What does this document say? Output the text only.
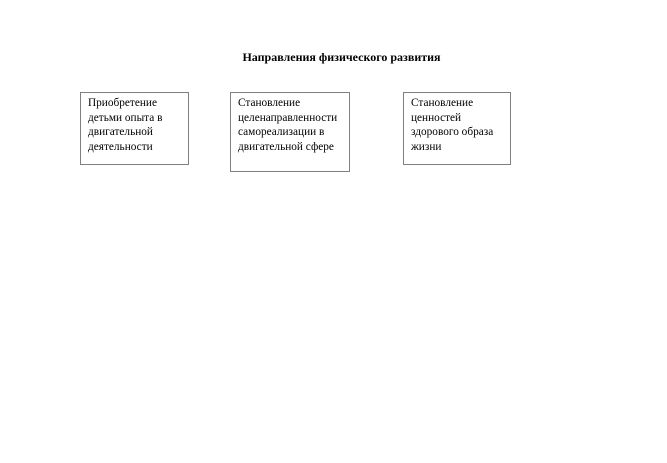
Направления физического развития
Приобретение
детьми опыта в
двигательной
деятельности
Становление
целенаправленности
самореализации в
двигательной сфере
Становление
ценностей
здорового образа
жизни
